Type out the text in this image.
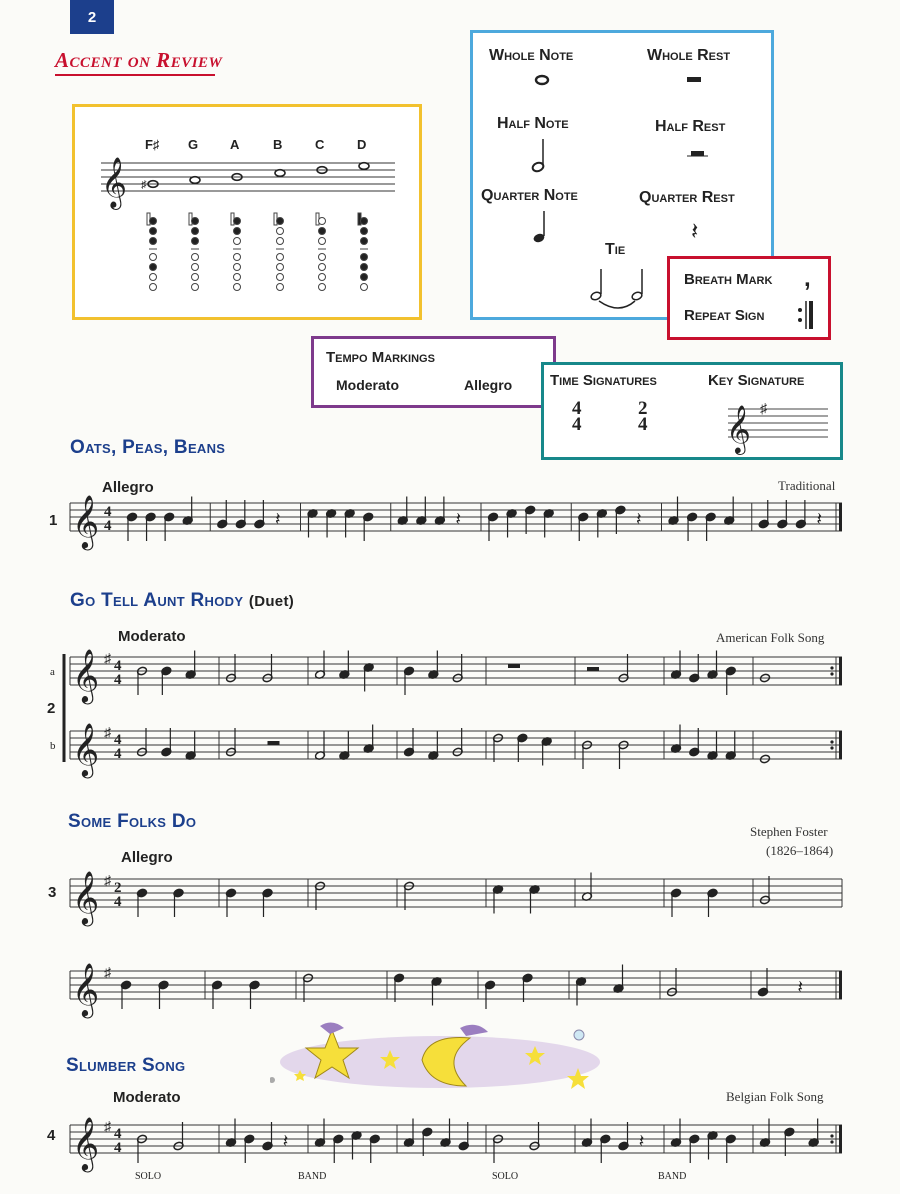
2
Accent on Review
𝄞 ♯
F♯ G A	B	C	D
Whole Note	Whole Rest
Half Note	Half Rest
Quarter Note	Quarter Rest
Tie
𝄽
Breath Mark
Repeat Sign
,
Tempo Markings
Moderato	Allegro	Time Signatures	Key Signature
4
4
2
4 𝄞 ♯
Oats, Peas, Beans
Allegro	Traditional
1
Go Tell Aunt Rhody (Duet)
Moderato	American Folk Song
a
2
b
Some Folks Do
Allegro
Stephen Foster
(1826–1864)
3
Slumber Song
Moderato	Belgian Folk Song
4
SOLO	BAND	SOLO	BAND
𝄞 4
4	𝄽	𝄽	𝄽	𝄽
𝄞 ♯ 4
4
𝄞 ♯ 4
4
𝄞 ♯ 2
4
𝄞 ♯
𝄽
𝄞 ♯ 4
4	𝄽	𝄽
